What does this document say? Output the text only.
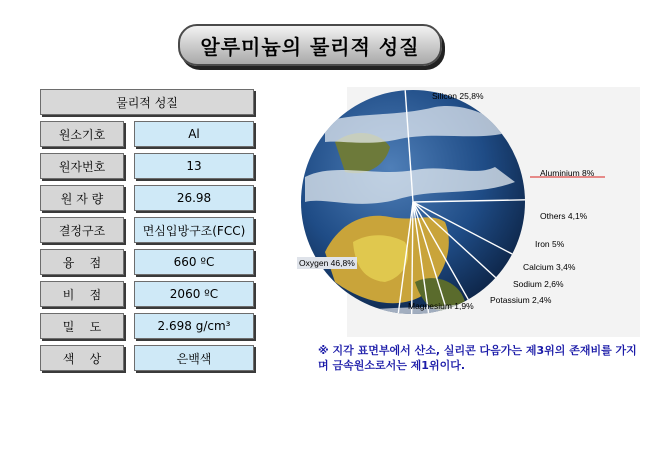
알루미늄의 물리적 성질
물리적 성질
원소기호	Al
원자번호	13
원 자 량	26.98
결정구조	면심입방구조(FCC)
융    점	660 ºC
비    점	2060 ºC
밀    도	2.698 g/cm³
색    상	은백색
Silicon 25,8%
Aluminium 8%
Others 4,1%
Iron 5%
Calcium 3,4%
Sodium 2,6%
Potassium 2,4%
Magnesium 1,9%
Oxygen 46,8%
※ 지각 표면부에서 산소, 실리콘 다음가는 제3위의 존재비를 가지며 금속원소로서는 제1위이다.
